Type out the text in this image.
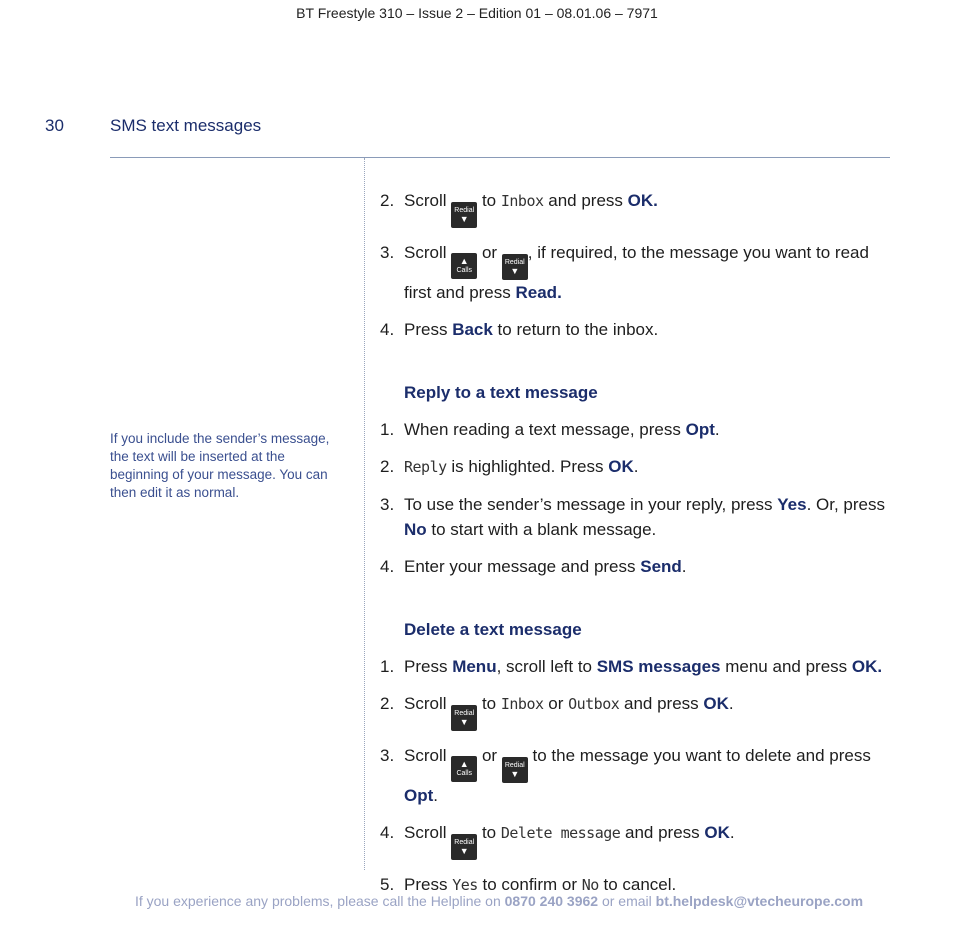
BT Freestyle 310 – Issue 2 – Edition 01 – 08.01.06 – 7971
30	SMS text messages
If you include the sender’s message, the text will be inserted at the beginning of your message. You can then edit it as normal.
2. Scroll
Redial
▼
to Inbox and press OK.
3. Scroll ▲
Calls
or
Redial
▼
, if required, to the message you want to read first and press Read.
4. Press Back to return to the inbox.
Reply to a text message
1. When reading a text message, press Opt.
2. Reply is highlighted. Press OK.
3. To use the sender’s message in your reply, press Yes. Or, press No to start with a blank message.
4. Enter your message and press Send.
Delete a text message
1. Press Menu, scroll left to SMS messages menu and press OK.
2. Scroll
Redial
▼
to Inbox or Outbox and press OK.
3. Scroll ▲
Calls
or
Redial
▼
to the message you want to delete and press Opt.
4. Scroll
Redial
▼
to Delete message and press OK.
5. Press Yes to confirm or No to cancel.
If you experience any problems, please call the Helpline on 0870 240 3962 or email bt.helpdesk@vtecheurope.com
